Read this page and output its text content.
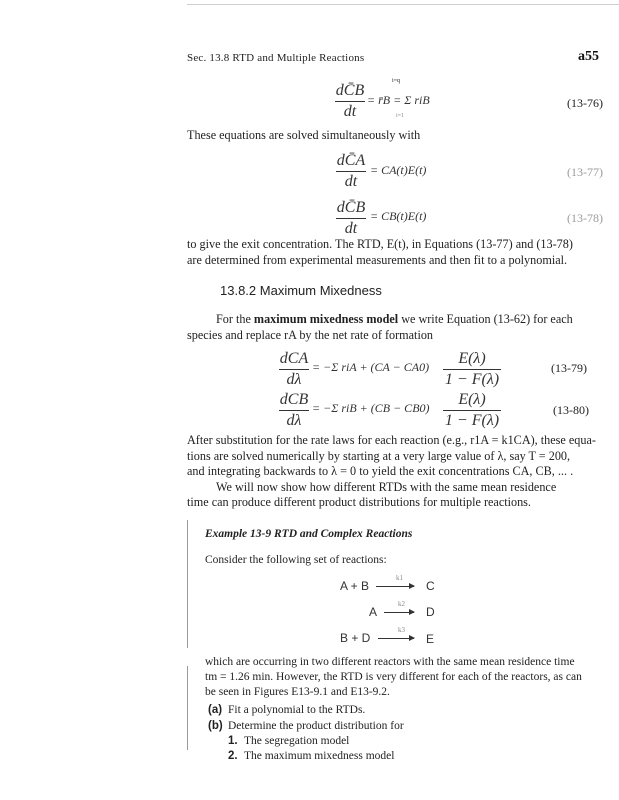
Sec. 13.8 RTD and Multiple Reactions	a55
dC̄B
dt
i=q
i=1
= r̄B = Σ riB	(13-76)
These equations are solved simultaneously with
dC̄A
dt
= CA(t)E(t)	(13-77)
dC̄B
dt
= CB(t)E(t)	(13-78)
to give the exit concentration. The RTD, E(t), in Equations (13-77) and (13-78)
are determined from experimental measurements and then fit to a polynomial.
13.8.2 Maximum Mixedness
For the maximum mixedness model we write Equation (13-62) for each
species and replace rA by the net rate of formation
dCA
dλ
= −Σ riA + (CA − CA0)	E(λ)
1 − F(λ)
(13-79)
dCB
dλ
= −Σ riB + (CB − CB0)	E(λ)
1 − F(λ)
(13-80)
After substitution for the rate laws for each reaction (e.g., r1A = k1CA), these equa-
tions are solved numerically by starting at a very large value of λ, say T = 200,
and integrating backwards to λ = 0 to yield the exit concentrations CA, CB, ... .
We will now show how different RTDs with the same mean residence
time can produce different product distributions for multiple reactions.
Example 13-9 RTD and Complex Reactions
Consider the following set of reactions:
A + B →
k1
C
A →
k2
D
B + D →
k3
E
which are occurring in two different reactors with the same mean residence time
tm = 1.26 min. However, the RTD is very different for each of the reactors, as can
be seen in Figures E13-9.1 and E13-9.2.
(a) Fit a polynomial to the RTDs.
(b) Determine the product distribution for
1. The segregation model
2. The maximum mixedness model
